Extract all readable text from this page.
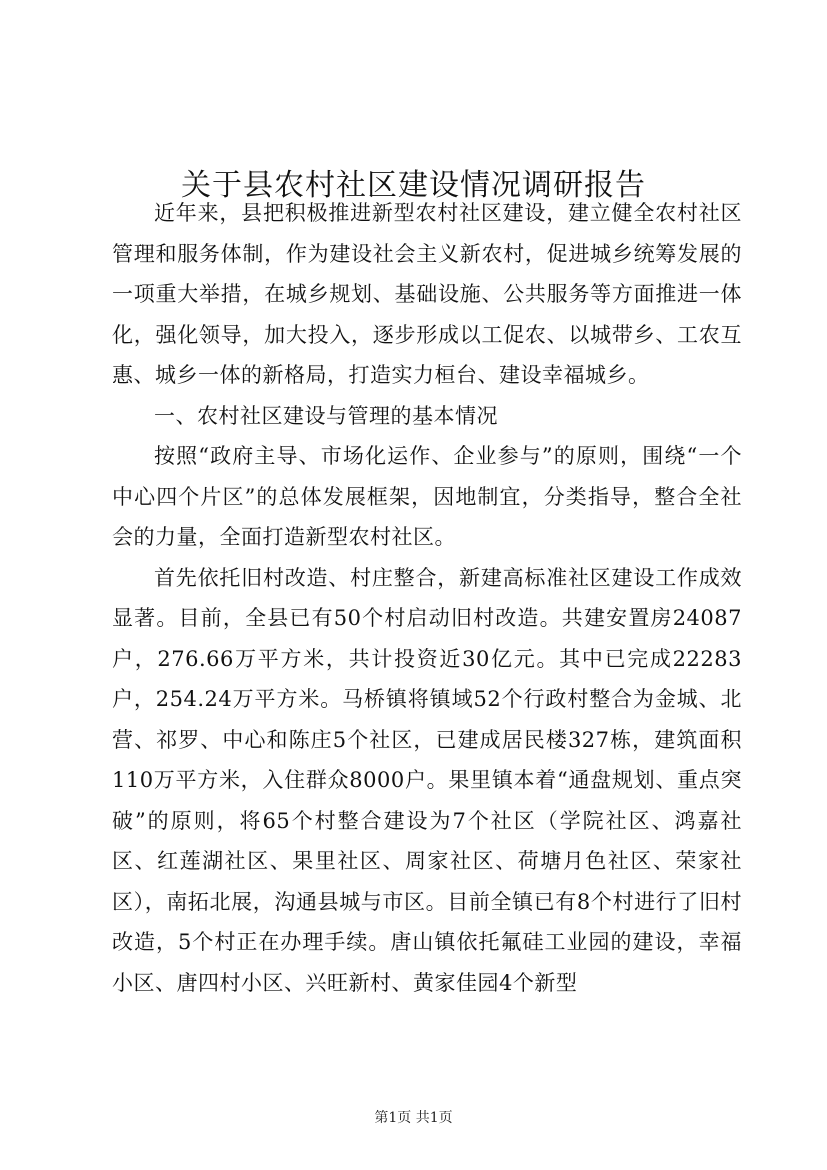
关于县农村社区建设情况调研报告

近年来，县把积极推进新型农村社区建设，建立健全农村社区管理和服务体制，作为建设社会主义新农村，促进城乡统筹发展的一项重大举措，在城乡规划、基础设施、公共服务等方面推进一体化，强化领导，加大投入，逐步形成以工促农、以城带乡、工农互惠、城乡一体的新格局，打造实力桓台、建设幸福城乡。

一、农村社区建设与管理的基本情况

按照“政府主导、市场化运作、企业参与”的原则，围绕“一个中心四个片区”的总体发展框架，因地制宜，分类指导，整合全社会的力量，全面打造新型农村社区。

首先依托旧村改造、村庄整合，新建高标准社区建设工作成效显著。目前，全县已有50个村启动旧村改造。共建安置房24087户，276.66万平方米，共计投资近30亿元。其中已完成22283户，254.24万平方米。马桥镇将镇域52个行政村整合为金城、北营、祁罗、中心和陈庄5个社区，已建成居民楼327栋，建筑面积110万平方米，入住群众8000户。果里镇本着“通盘规划、重点突破”的原则，将65个村整合建设为7个社区（学院社区、鸿嘉社区、红莲湖社区、果里社区、周家社区、荷塘月色社区、荣家社区），南拓北展，沟通县城与市区。目前全镇已有8个村进行了旧村改造，5个村正在办理手续。唐山镇依托氟硅工业园的建设，幸福小区、唐四村小区、兴旺新村、黄家佳园4个新型

第1页 共1页
